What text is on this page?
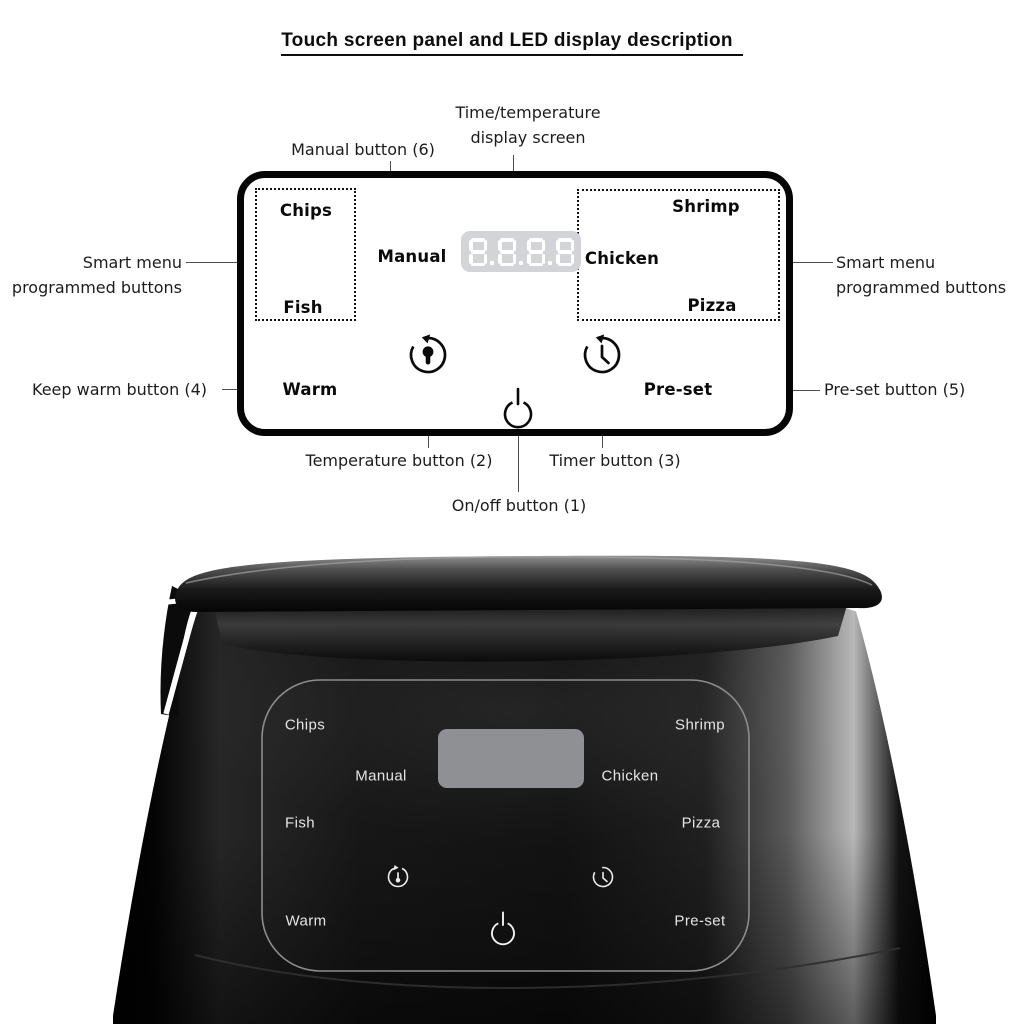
Touch screen panel and LED display description
Time/temperature
display screen
Manual button (6)
Smart menu
programmed buttons
Smart menu
programmed buttons
Keep warm button (4)	Pre-set button (5)
Temperature button (2)	Timer button (3)
On/off button (1)
Chips
Fish
Manual
Shrimp
Chicken
Pizza
Warm	Pre-set
Chips	Shrimp
Manual	Chicken
Fish	Pizza
Warm	Pre-set
